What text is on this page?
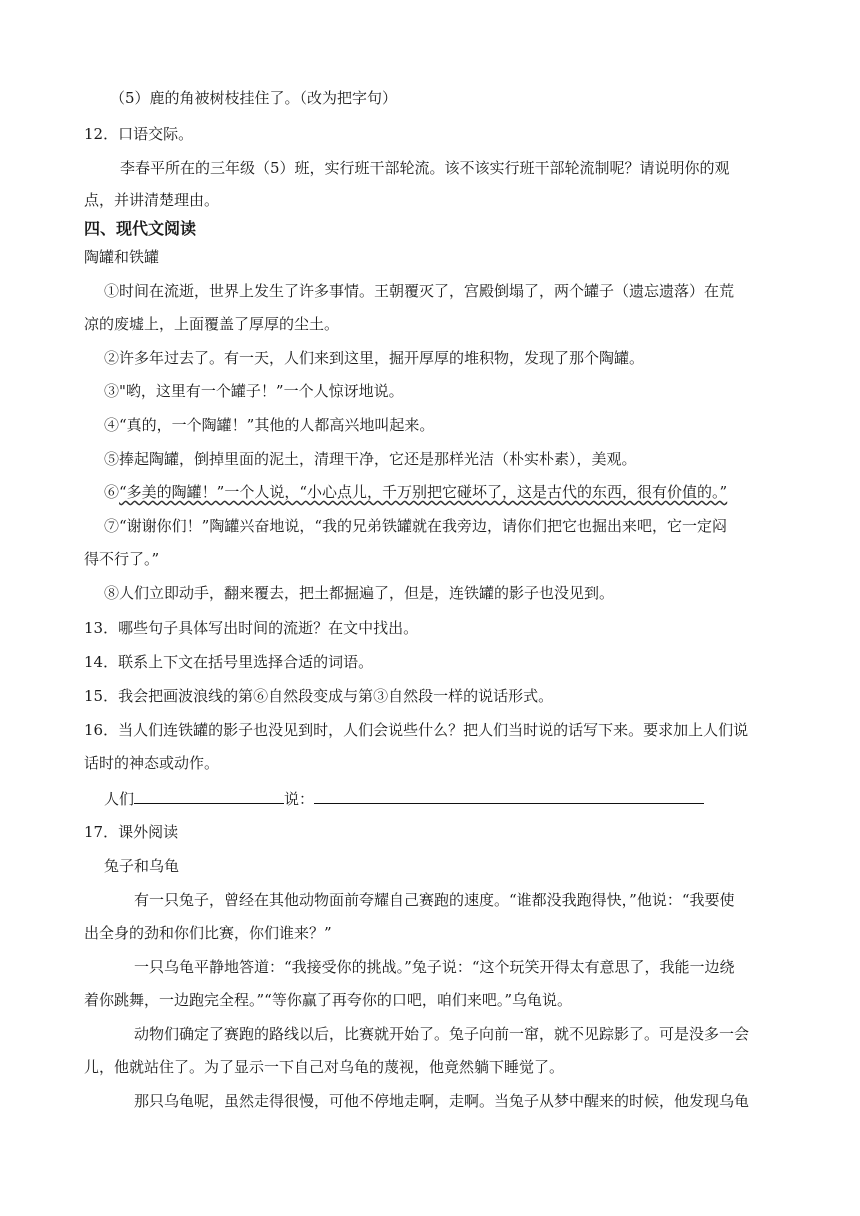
（5）鹿的角被树枝挂住了。（改为把字句）
12．口语交际。
李春平所在的三年级（5）班，实行班干部轮流。该不该实行班干部轮流制呢？请说明你的观
点，并讲清楚理由。
四、现代文阅读
陶罐和铁罐
①时间在流逝，世界上发生了许多事情。王朝覆灭了，宫殿倒塌了，两个罐子（遗忘遗落）在荒
凉的废墟上，上面覆盖了厚厚的尘土。
②许多年过去了。有一天，人们来到这里，掘开厚厚的堆积物，发现了那个陶罐。
③"哟，这里有一个罐子！”一个人惊讶地说。
④“真的，一个陶罐！”其他的人都高兴地叫起来。
⑤捧起陶罐，倒掉里面的泥土，清理干净，它还是那样光洁（朴实朴素），美观。
⑥“多美的陶罐！”一个人说，“小心点儿，千万别把它碰坏了，这是古代的东西，很有价值的。”
⑦“谢谢你们！”陶罐兴奋地说，“我的兄弟铁罐就在我旁边，请你们把它也掘出来吧，它一定闷
得不行了。”
⑧人们立即动手，翻来覆去，把土都掘遍了，但是，连铁罐的影子也没见到。
13．哪些句子具体写出时间的流逝？在文中找出。
14．联系上下文在括号里选择合适的词语。
15．我会把画波浪线的第⑥自然段变成与第③自然段一样的说话形式。
16．当人们连铁罐的影子也没见到时，人们会说些什么？把人们当时说的话写下来。要求加上人们说
话时的神态或动作。
人们	说：
17．课外阅读
兔子和乌龟
有一只兔子，曾经在其他动物面前夸耀自己赛跑的速度。“谁都没我跑得快，”他说：“我要使
出全身的劲和你们比赛，你们谁来？”
一只乌龟平静地答道：“我接受你的挑战。”兔子说：“这个玩笑开得太有意思了，我能一边绕
着你跳舞，一边跑完全程。”“等你赢了再夸你的口吧，咱们来吧。”乌龟说。
动物们确定了赛跑的路线以后，比赛就开始了。兔子向前一窜，就不见踪影了。可是没多一会
儿，他就站住了。为了显示一下自己对乌龟的蔑视，他竟然躺下睡觉了。
那只乌龟呢，虽然走得很慢，可他不停地走啊，走啊。当兔子从梦中醒来的时候，他发现乌龟
